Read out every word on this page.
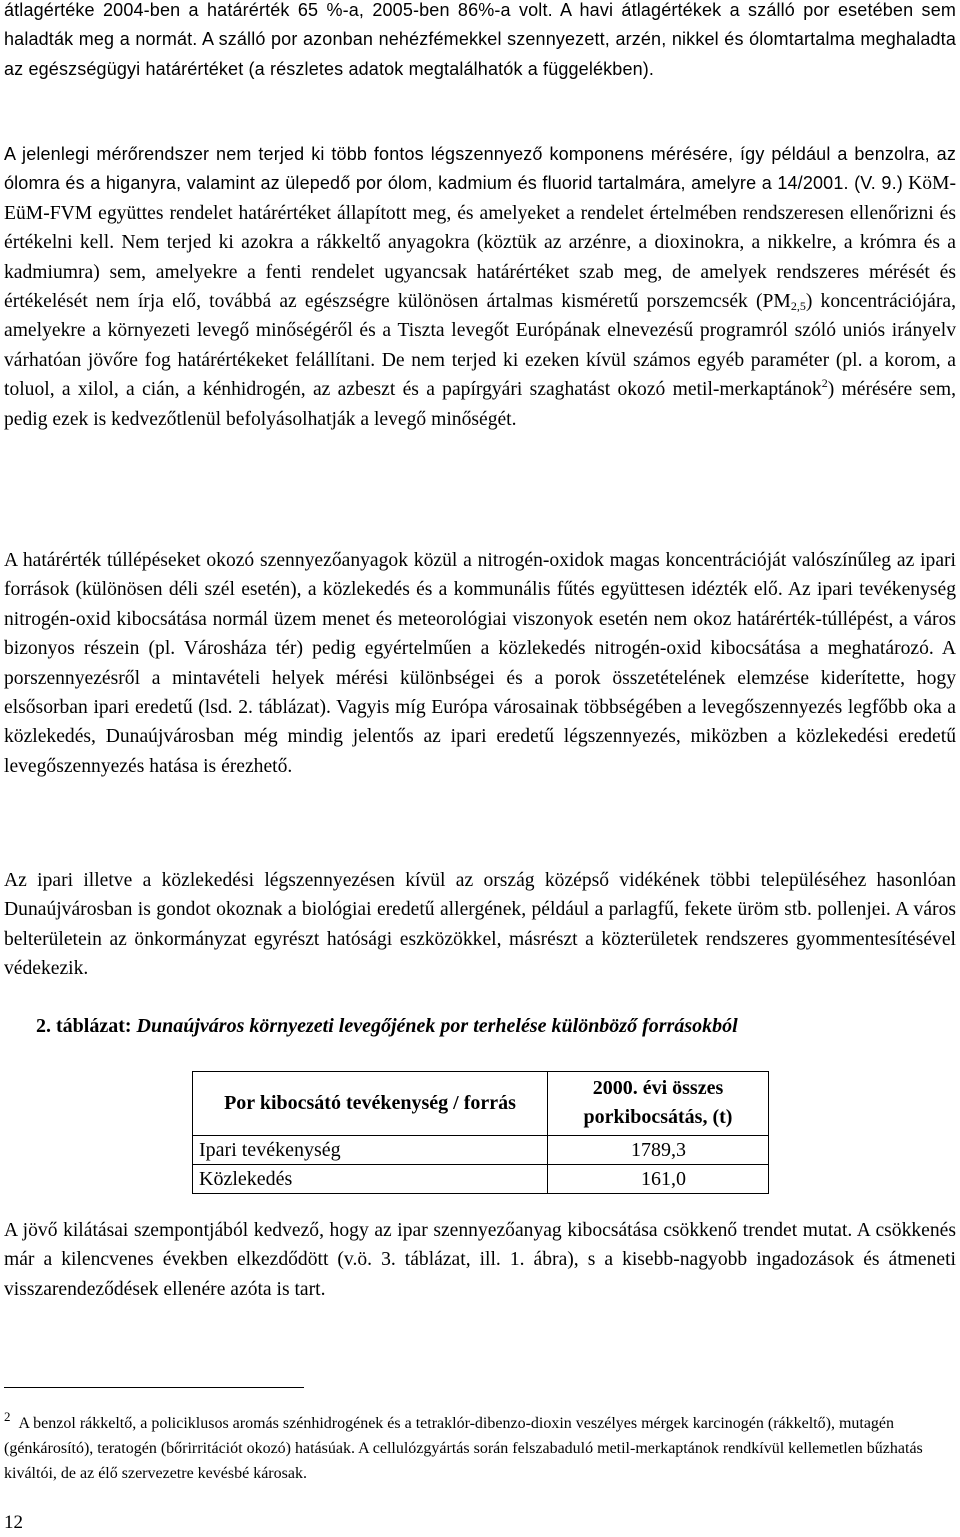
átlagértéke 2004-ben a határérték 65 %-a, 2005-ben 86%-a volt. A havi átlagértékek a szálló por esetében sem haladták meg a normát. A szálló por azonban nehézfémekkel szennyezett, arzén, nikkel és ólomtartalma meghaladta az egészségügyi határértéket (a részletes adatok megtalálhatók a függelékben).

A jelenlegi mérőrendszer nem terjed ki több fontos légszennyező komponens mérésére, így például a benzolra, az ólomra és a higanyra, valamint az ülepedő por ólom, kadmium és fluorid tartalmára, amelyre a 14/2001. (V. 9.) KöM-EüM-FVM együttes rendelet határértéket állapított meg, és amelyeket a rendelet értelmében rendszeresen ellenőrizni és értékelni kell. Nem terjed ki azokra a rákkeltő anyagokra (köztük az arzénre, a dioxinokra, a nikkelre, a krómra és a kadmiumra) sem, amelyekre a fenti rendelet ugyancsak határértéket szab meg, de amelyek rendszeres mérését és értékelését nem írja elő, továbbá az egészségre különösen ártalmas kisméretű porszemcsék $(PM_{2,5})$ koncentrációjára, amelyekre a környezeti levegő minőségéről és a Tiszta levegőt Európának elnevezésű programról szóló uniós irányelv várhatóan jövőre fog határértékeket felállítani. De nem terjed ki ezeken kívül számos egyéb paraméter (pl. a korom, a toluol, a xilol, a cián, a kénhidrogén, az azbeszt és a papírgyári szaghatást okozó metil-merkaptánok$^2$) mérésére sem, pedig ezek is kedvezőtlenül befolyásolhatják a levegő minőségét.

A határérték túllépéseket okozó szennyezőanyagok közül a nitrogén-oxidok magas koncentrációját valószínűleg az ipari források (különösen déli szél esetén), a közlekedés és a kommunális fűtés együttesen idézték elő. Az ipari tevékenység nitrogén-oxid kibocsátása normál üzem menet és meteorológiai viszonyok esetén nem okoz határérték-túllépést, a város bizonyos részein (pl. Városháza tér) pedig egyértelműen a közlekedés nitrogén-oxid kibocsátása a meghatározó. A porszennyezésről a mintavételi helyek mérési különbségei és a porok összetételének elemzése kiderítette, hogy elsősorban ipari eredetű (lsd. 2. táblázat). Vagyis míg Európa városainak többségében a levegőszennyezés legfőbb oka a közlekedés, Dunaújvárosban még mindig jelentős az ipari eredetű légszennyezés, miközben a közlekedési eredetű levegőszennyezés hatása is érezhető.

Az ipari illetve a közlekedési légszennyezésen kívül az ország középső vidékének többi településéhez hasonlóan Dunaújvárosban is gondot okoznak a biológiai eredetű allergének, például a parlagfű, fekete üröm stb. pollenjei. A város belterületein az önkormányzat egyrészt hatósági eszközökkel, másrészt a közterületek rendszeres gyommentesítésével védekezik.

2. táblázat: Dunaújváros környezeti levegőjének por terhelése különböző forrásokból
Por kibocsátó tevékenység / forrás	2000. évi összes porkibocsátás, (t)
Ipari tevékenység	1789,3
Közlekedés	161,0

A jövő kilátásai szempontjából kedvező, hogy az ipar szennyezőanyag kibocsátása csökkenő trendet mutat. A csökkenés már a kilencvenes években elkezdődött (v.ö. 3. táblázat, ill. 1. ábra), s a kisebb-nagyobb ingadozások és átmeneti visszarendeződések ellenére azóta is tart.

$^2$ A benzol rákkeltő, a policiklusos aromás szénhidrogének és a tetraklór-dibenzo-dioxin veszélyes mérgek karcinogén (rákkeltő), mutagén (génkárosító), teratogén (bőrirritációt okozó) hatásúak. A cellulózgyártás során felszabaduló metil-merkaptánok rendkívül kellemetlen bűzhatás kiváltói, de az élő szervezetre kevésbé károsak.

12
